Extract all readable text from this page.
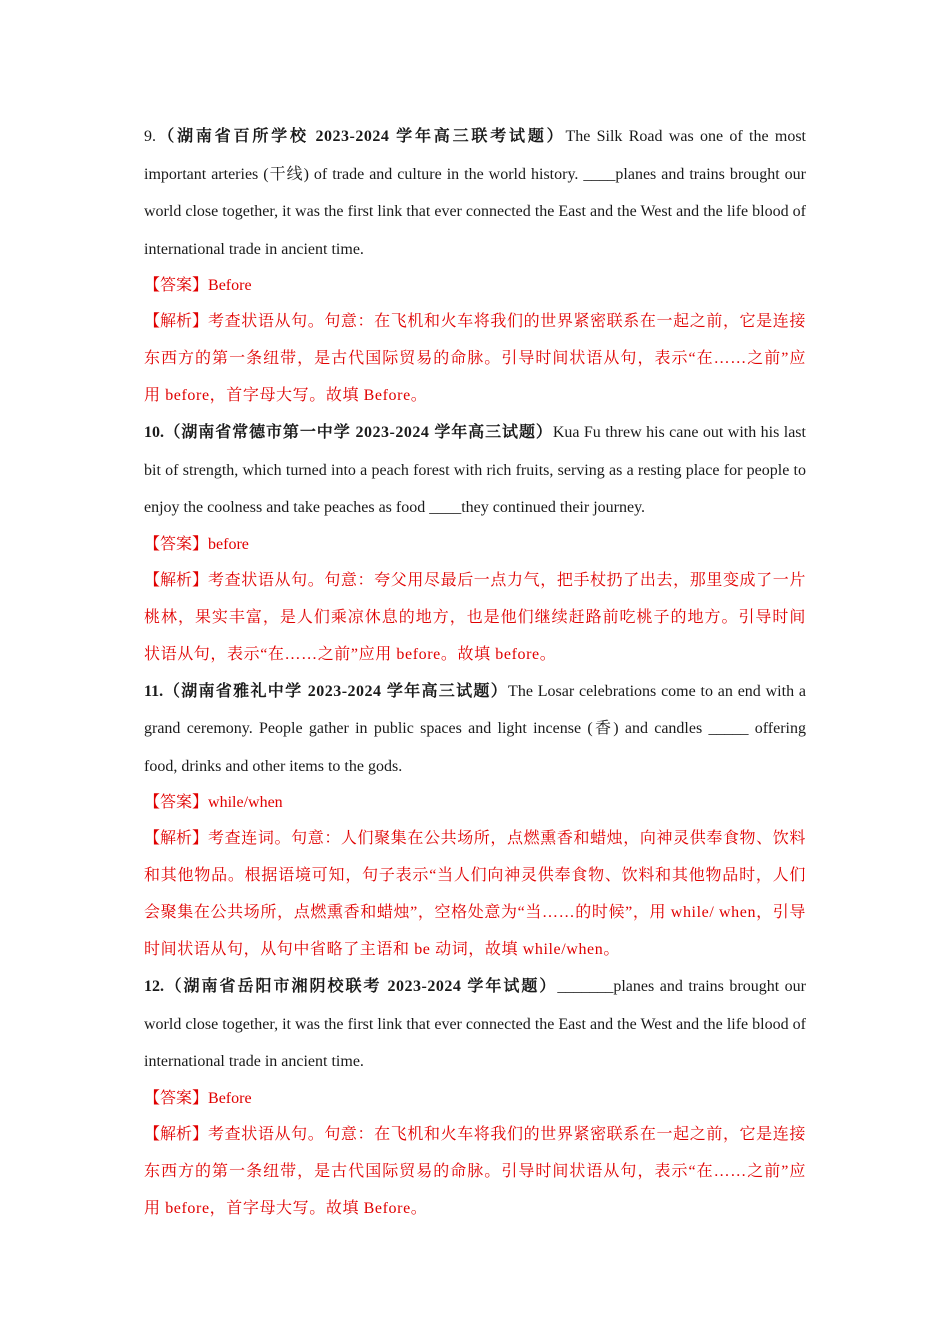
9.（湖南省百所学校 2023-2024 学年高三联考试题）The Silk Road was one of the most important arteries (干线) of trade and culture in the world history. ____planes and trains brought our world close together, it was the first link that ever connected the East and the West and the life blood of international trade in ancient time.

【答案】Before

【解析】考查状语从句。句意：在飞机和火车将我们的世界紧密联系在一起之前，它是连接东西方的第一条纽带，是古代国际贸易的命脉。引导时间状语从句，表示“在……之前”应用 before，首字母大写。故填 Before。

10.（湖南省常德市第一中学 2023-2024 学年高三试题）Kua Fu threw his cane out with his last bit of strength, which turned into a peach forest with rich fruits, serving as a resting place for people to enjoy the coolness and take peaches as food ____they continued their journey.

【答案】before

【解析】考查状语从句。句意：夸父用尽最后一点力气，把手杖扔了出去，那里变成了一片桃林，果实丰富，是人们乘凉休息的地方，也是他们继续赶路前吃桃子的地方。引导时间状语从句，表示“在……之前”应用 before。故填 before。

11.（湖南省雅礼中学 2023-2024 学年高三试题）The Losar celebrations come to an end with a grand ceremony. People gather in public spaces and light incense (香) and candles _____ offering food, drinks and other items to the gods.

【答案】while/when

【解析】考查连词。句意：人们聚集在公共场所，点燃熏香和蜡烛，向神灵供奉食物、饮料和其他物品。根据语境可知，句子表示“当人们向神灵供奉食物、饮料和其他物品时，人们会聚集在公共场所，点燃熏香和蜡烛”，空格处意为“当……的时候”，用 while/ when，引导时间状语从句，从句中省略了主语和 be 动词，故填 while/when。

12.（湖南省岳阳市湘阴校联考 2023-2024 学年试题）_______planes and trains brought our world close together, it was the first link that ever connected the East and the West and the life blood of international trade in ancient time.

【答案】Before

【解析】考查状语从句。句意：在飞机和火车将我们的世界紧密联系在一起之前，它是连接东西方的第一条纽带，是古代国际贸易的命脉。引导时间状语从句，表示“在……之前”应用 before，首字母大写。故填 Before。
